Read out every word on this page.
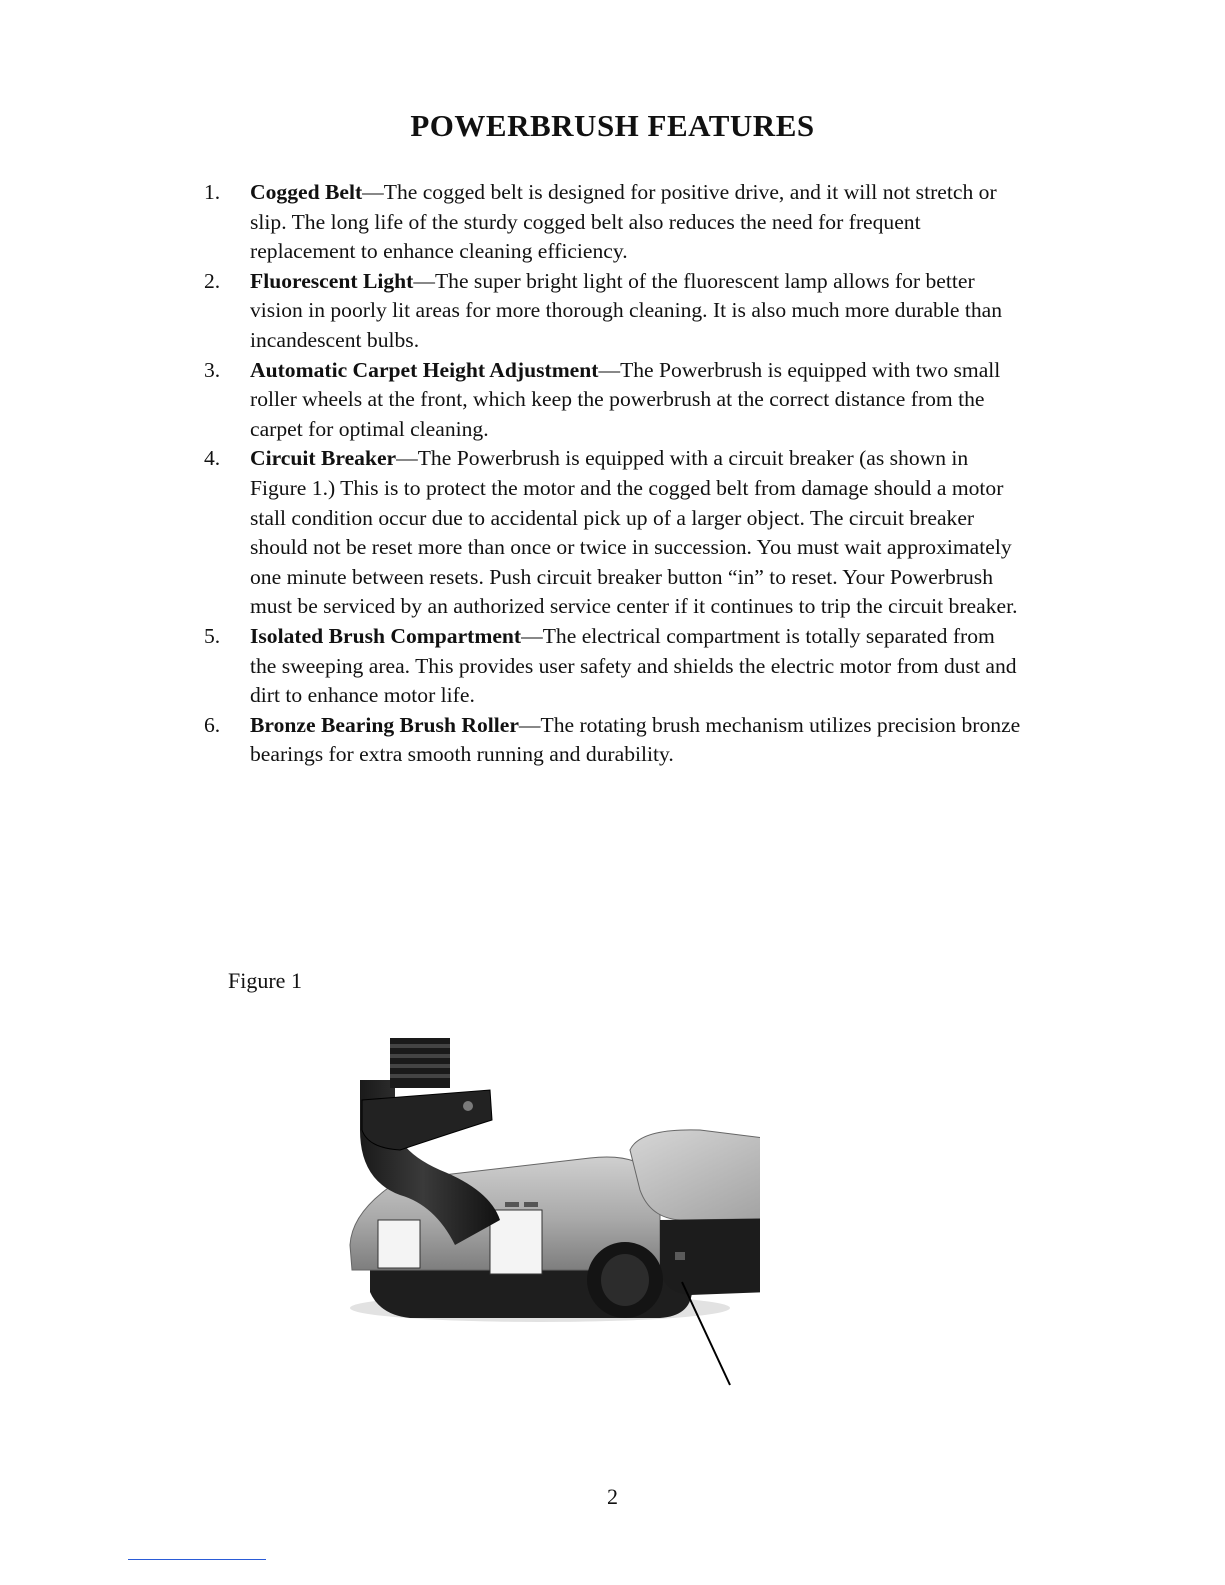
POWERBRUSH FEATURES
1. Cogged Belt—The cogged belt is designed for positive drive, and it will not stretch or slip. The long life of the sturdy cogged belt also reduces the need for frequent replacement to enhance cleaning efficiency.
2. Fluorescent Light—The super bright light of the fluorescent lamp allows for better vision in poorly lit areas for more thorough cleaning. It is also much more durable than incandescent bulbs.
3. Automatic Carpet Height Adjustment—The Powerbrush is equipped with two small roller wheels at the front, which keep the powerbrush at the correct distance from the carpet for optimal cleaning.
4. Circuit Breaker—The Powerbrush is equipped with a circuit breaker (as shown in Figure 1.) This is to protect the motor and the cogged belt from damage should a motor stall condition occur due to accidental pick up of a larger object. The circuit breaker should not be reset more than once or twice in succession. You must wait approximately one minute between resets. Push circuit breaker button “in” to reset. Your Powerbrush must be serviced by an authorized service center if it continues to trip the circuit breaker.
5. Isolated Brush Compartment—The electrical compartment is totally separated from the sweeping area. This provides user safety and shields the electric motor from dust and dirt to enhance motor life.
6. Bronze Bearing Brush Roller—The rotating brush mechanism utilizes precision bronze bearings for extra smooth running and durability.
Figure 1
2
